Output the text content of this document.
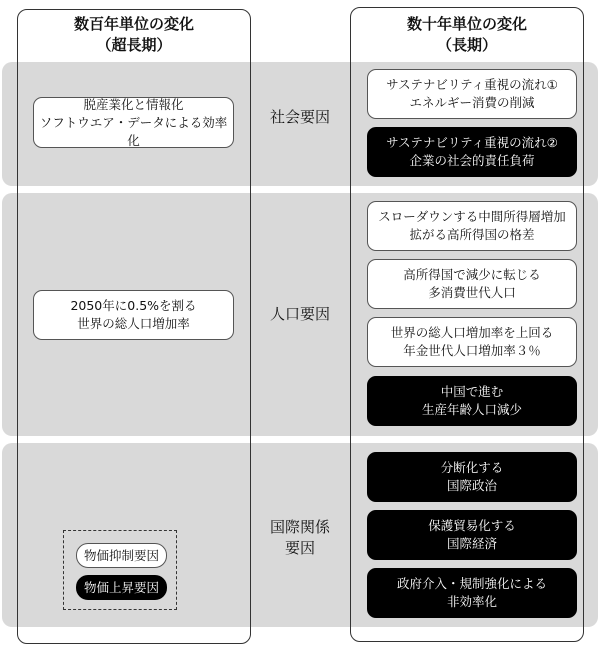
数百年単位の変化
（超長期）
数十年単位の変化
（長期）
社会要因
人口要因
国際関係
要因
脱産業化と情報化
ソフトウエア・データによる効率化
2050年に0.5%を割る
世界の総人口増加率
サステナビリティ重視の流れ①
エネルギー消費の削減
サステナビリティ重視の流れ②
企業の社会的責任負荷
スローダウンする中間所得層増加
拡がる高所得国の格差
高所得国で減少に転じる
多消費世代人口
世界の総人口増加率を上回る
年金世代人口増加率３％
中国で進む
生産年齢人口減少
分断化する
国際政治
保護貿易化する
国際経済
政府介入・規制強化による
非効率化
物価抑制要因
物価上昇要因
